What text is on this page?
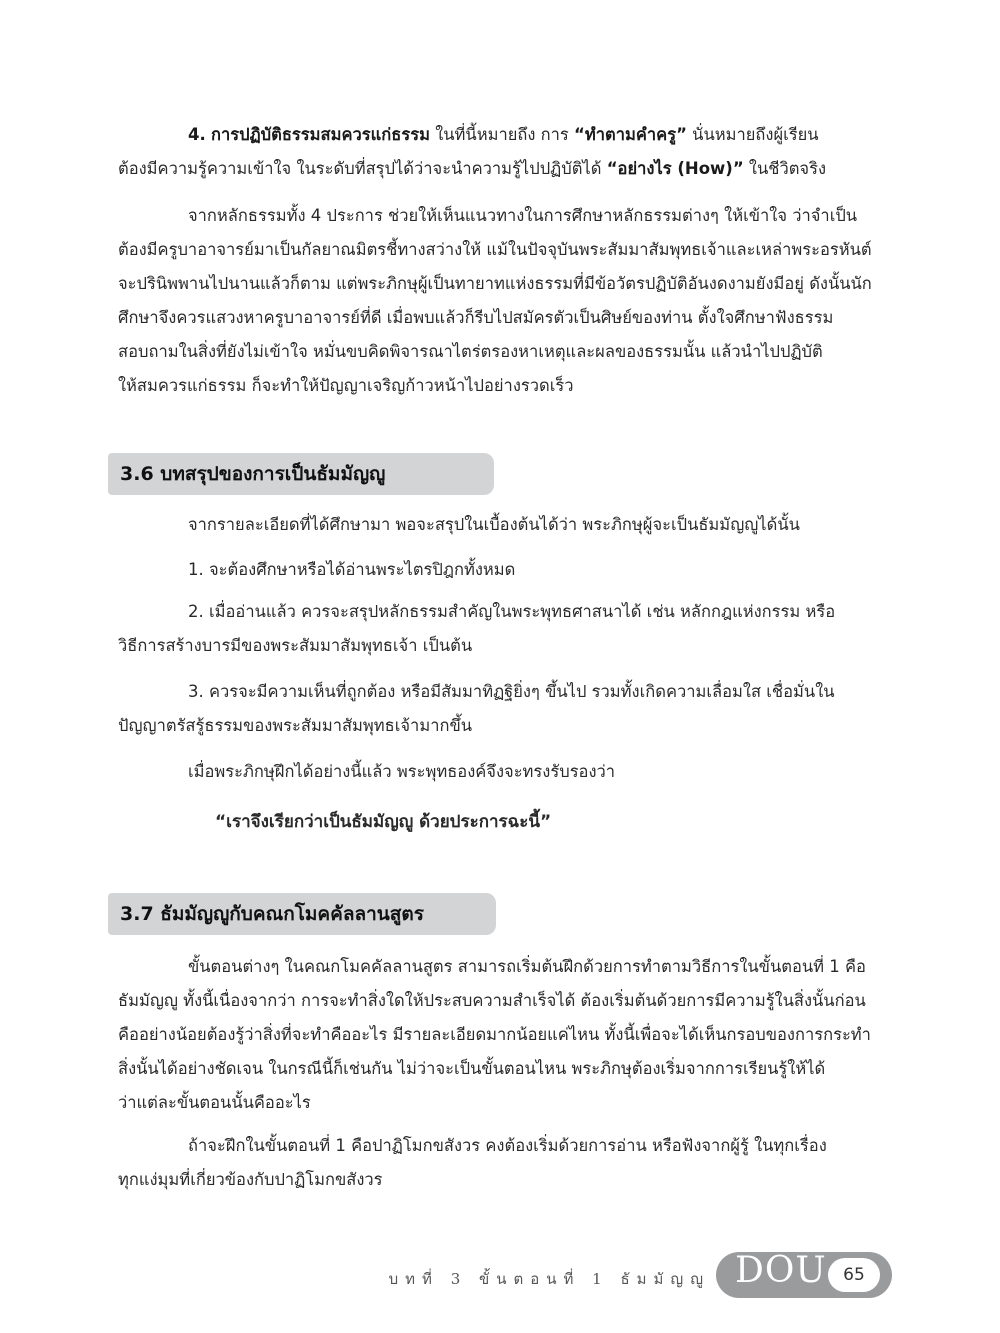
4. การปฏิบัติธรรมสมควรแก่ธรรม ในที่นี้หมายถึง การ “ทำตามคำครู” นั่นหมายถึงผู้เรียน
ต้องมีความรู้ความเข้าใจ ในระดับที่สรุปได้ว่าจะนำความรู้ไปปฏิบัติได้ “อย่างไร (How)” ในชีวิตจริง
จากหลักธรรมทั้ง 4 ประการ ช่วยให้เห็นแนวทางในการศึกษาหลักธรรมต่างๆ ให้เข้าใจ ว่าจำเป็น
ต้องมีครูบาอาจารย์มาเป็นกัลยาณมิตรชี้ทางสว่างให้ แม้ในปัจจุบันพระสัมมาสัมพุทธเจ้าและเหล่าพระอรหันต์
จะปรินิพพานไปนานแล้วก็ตาม แต่พระภิกษุผู้เป็นทายาทแห่งธรรมที่มีข้อวัตรปฏิบัติอันงดงามยังมีอยู่ ดังนั้นนัก
ศึกษาจึงควรแสวงหาครูบาอาจารย์ที่ดี เมื่อพบแล้วก็รีบไปสมัครตัวเป็นศิษย์ของท่าน ตั้งใจศึกษาฟังธรรม
สอบถามในสิ่งที่ยังไม่เข้าใจ หมั่นขบคิดพิจารณาไตร่ตรองหาเหตุและผลของธรรมนั้น แล้วนำไปปฏิบัติ
ให้สมควรแก่ธรรม ก็จะทำให้ปัญญาเจริญก้าวหน้าไปอย่างรวดเร็ว
3.6 บทสรุปของการเป็นธัมมัญญู
จากรายละเอียดที่ได้ศึกษามา พอจะสรุปในเบื้องต้นได้ว่า พระภิกษุผู้จะเป็นธัมมัญญูได้นั้น
1. จะต้องศึกษาหรือได้อ่านพระไตรปิฎกทั้งหมด
2. เมื่ออ่านแล้ว ควรจะสรุปหลักธรรมสำคัญในพระพุทธศาสนาได้ เช่น หลักกฎแห่งกรรม หรือ
วิธีการสร้างบารมีของพระสัมมาสัมพุทธเจ้า เป็นต้น
3. ควรจะมีความเห็นที่ถูกต้อง หรือมีสัมมาทิฏฐิยิ่งๆ ขึ้นไป รวมทั้งเกิดความเลื่อมใส เชื่อมั่นใน
ปัญญาตรัสรู้ธรรมของพระสัมมาสัมพุทธเจ้ามากขึ้น
เมื่อพระภิกษุฝึกได้อย่างนี้แล้ว พระพุทธองค์จึงจะทรงรับรองว่า
“เราจึงเรียกว่าเป็นธัมมัญญู ด้วยประการฉะนี้”
3.7 ธัมมัญญูกับคณกโมคคัลลานสูตร
ขั้นตอนต่างๆ ในคณกโมคคัลลานสูตร สามารถเริ่มต้นฝึกด้วยการทำตามวิธีการในขั้นตอนที่ 1 คือ
ธัมมัญญู ทั้งนี้เนื่องจากว่า การจะทำสิ่งใดให้ประสบความสำเร็จได้ ต้องเริ่มต้นด้วยการมีความรู้ในสิ่งนั้นก่อน
คืออย่างน้อยต้องรู้ว่าสิ่งที่จะทำคืออะไร มีรายละเอียดมากน้อยแค่ไหน ทั้งนี้เพื่อจะได้เห็นกรอบของการกระทำ
สิ่งนั้นได้อย่างชัดเจน ในกรณีนี้ก็เช่นกัน ไม่ว่าจะเป็นขั้นตอนไหน พระภิกษุต้องเริ่มจากการเรียนรู้ให้ได้
ว่าแต่ละขั้นตอนนั้นคืออะไร
ถ้าจะฝึกในขั้นตอนที่ 1 คือปาฏิโมกขสังวร คงต้องเริ่มด้วยการอ่าน หรือฟังจากผู้รู้ ในทุกเรื่อง
ทุกแง่มุมที่เกี่ยวข้องกับปาฏิโมกขสังวร
บทที่ 3 ขั้นตอนที่ 1 ธัมมัญญู DOU 65
